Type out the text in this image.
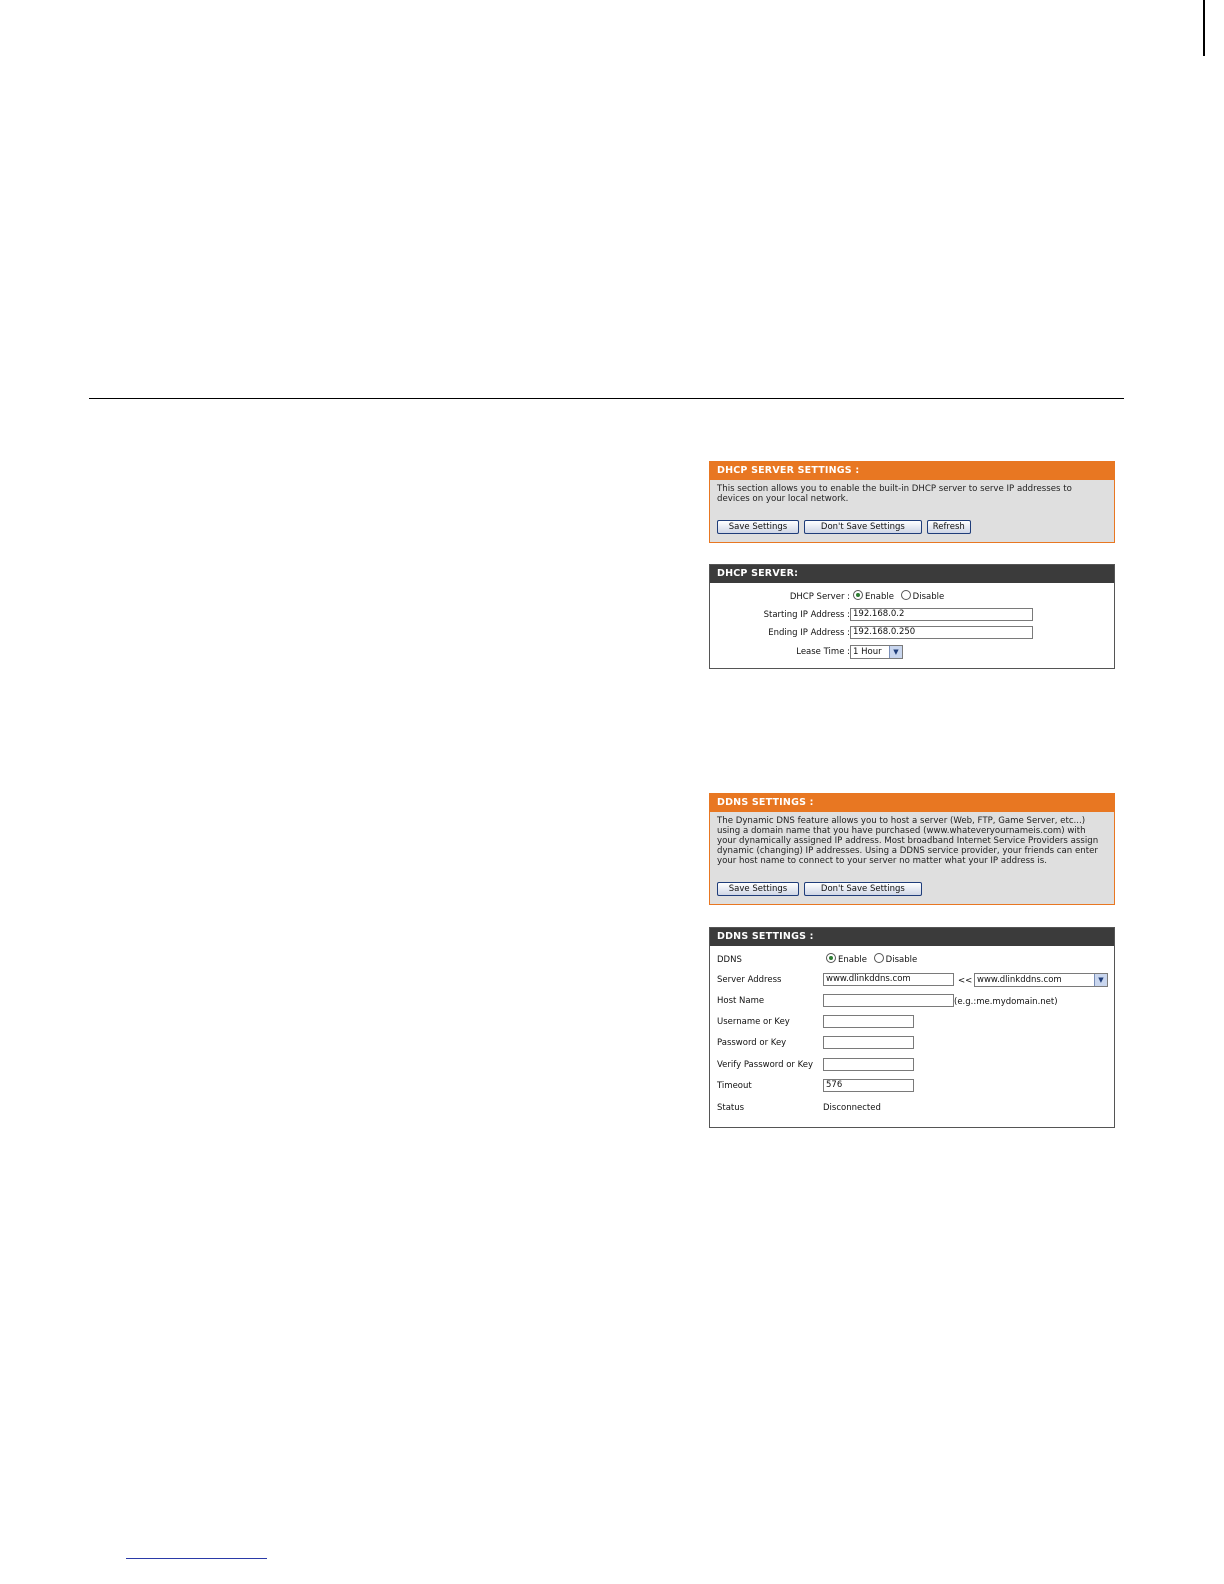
DHCP SERVER SETTINGS :
This section allows you to enable the built-in DHCP server to serve IP addresses to devices on your local network.
Save Settings	Don't Save Settings	Refresh
DHCP SERVER:
DHCP Server :	Enable Disable
Starting IP Address : 192.168.0.2
Ending IP Address : 192.168.0.250
Lease Time : 1 Hour	▼
DDNS SETTINGS :
The Dynamic DNS feature allows you to host a server (Web, FTP, Game Server, etc...) using a domain name that you have purchased (www.whateveryournameis.com) with your dynamically assigned IP address. Most broadband Internet Service Providers assign dynamic (changing) IP addresses. Using a DDNS service provider, your friends can enter your host name to connect to your server no matter what your IP address is.
Save Settings	Don't Save Settings
DDNS SETTINGS :
DDNS	Enable Disable
Server Address	www.dlinkddns.com	<< www.dlinkddns.com	▼
Host Name	(e.g.:me.mydomain.net)
Username or Key
Password or Key
Verify Password or Key
Timeout	576
Status	Disconnected
